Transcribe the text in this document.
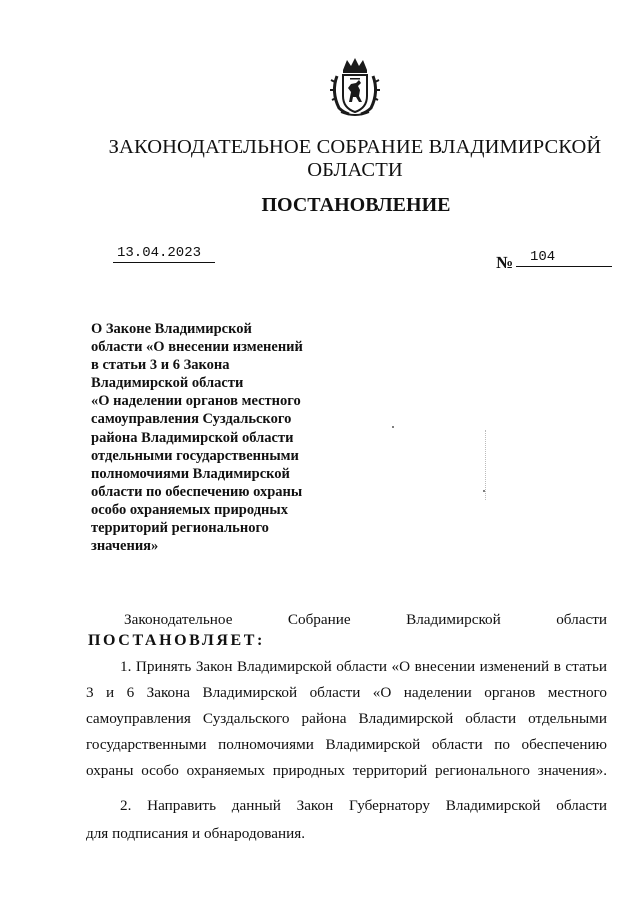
ЗАКОНОДАТЕЛЬНОЕ СОБРАНИЕ ВЛАДИМИРСКОЙ ОБЛАСТИ
ПОСТАНОВЛЕНИЕ
13.04.2023	№	104
О Законе Владимирской
области «О внесении изменений
в статьи 3 и 6 Закона
Владимирской области
«О наделении органов местного
самоуправления Суздальского
района Владимирской области
отдельными государственными
полномочиями Владимирской
области по обеспечению охраны
особо охраняемых природных
территорий регионального
значения»
Законодательное	Собрание	Владимирской	области
ПОСТАНОВЛЯЕТ:
1. Принять Закон Владимирской области «О внесении изменений в статьи
3 и 6 Закона Владимирской области «О наделении органов местного
самоуправления Суздальского района Владимирской области отдельными
государственными полномочиями Владимирской области по обеспечению
охраны особо охраняемых природных территорий регионального значения».
2. Направить данный Закон Губернатору Владимирской области
для подписания и обнародования.
